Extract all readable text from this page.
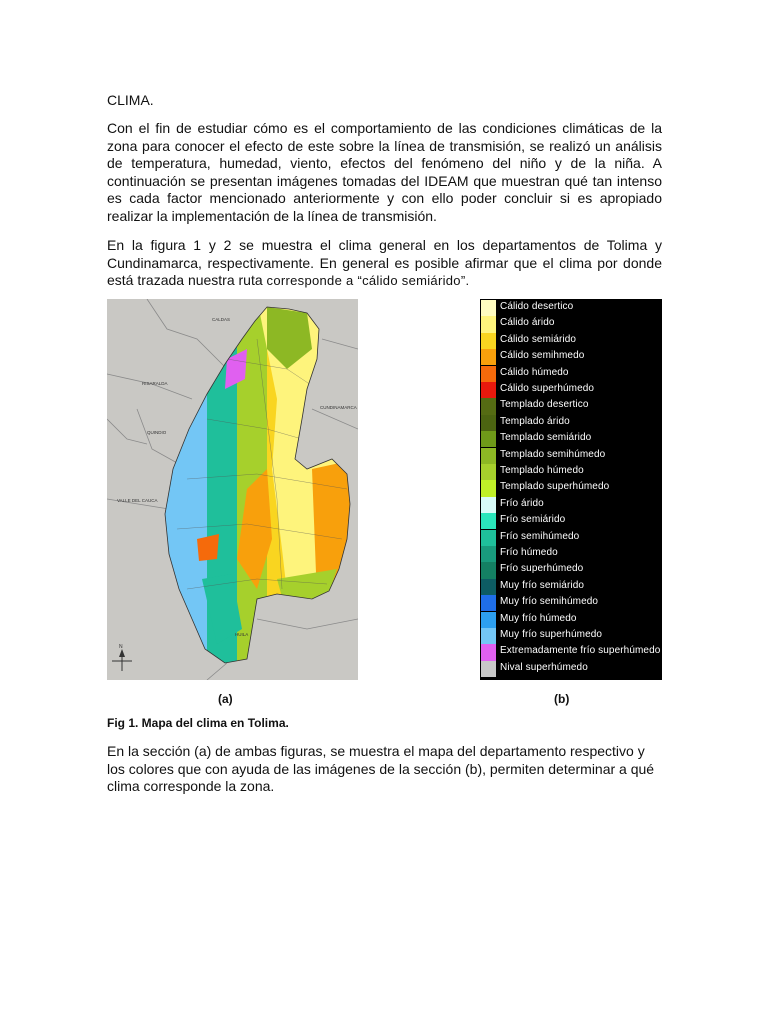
CLIMA.

Con el fin de estudiar cómo es el comportamiento de las condiciones climáticas de la zona para conocer el efecto de este sobre la línea de transmisión, se realizó un análisis de temperatura, humedad, viento, efectos del fenómeno del niño y de la niña. A continuación se presentan imágenes tomadas del IDEAM que muestran qué tan intenso es cada factor mencionado anteriormente y con ello poder concluir si es apropiado realizar la implementación de la línea de transmisión.

En la figura 1 y 2 se muestra el clima general en los departamentos de Tolima y Cundinamarca, respectivamente. En general es posible afirmar que el clima por donde está trazada nuestra ruta corresponde a “cálido semiárido”.

CALDAS
RISARALDA
CUNDINAMARCA
QUINDIO
VALLE DEL CAUCA
HUILA
N
Cálido desertico
Cálido árido
Cálido semiárido
Cálido semihmedo
Cálido húmedo
Cálido superhúmedo
Templado desertico
Templado árido
Templado semiárido
Templado semihúmedo
Templado húmedo
Templado superhúmedo
Frío árido
Frío semiárido
Frío semihúmedo
Frío húmedo
Frío superhúmedo
Muy frío semiárido
Muy frío semihúmedo
Muy frío húmedo
Muy frío superhúmedo
Extremadamente frío superhúmedo
Nival superhúmedo
(a)	(b)
Fig 1. Mapa del clima en Tolima.

En la sección (a) de ambas figuras, se muestra el mapa del departamento respectivo y los colores que con ayuda de las imágenes de la sección (b), permiten determinar a qué clima corresponde la zona.
